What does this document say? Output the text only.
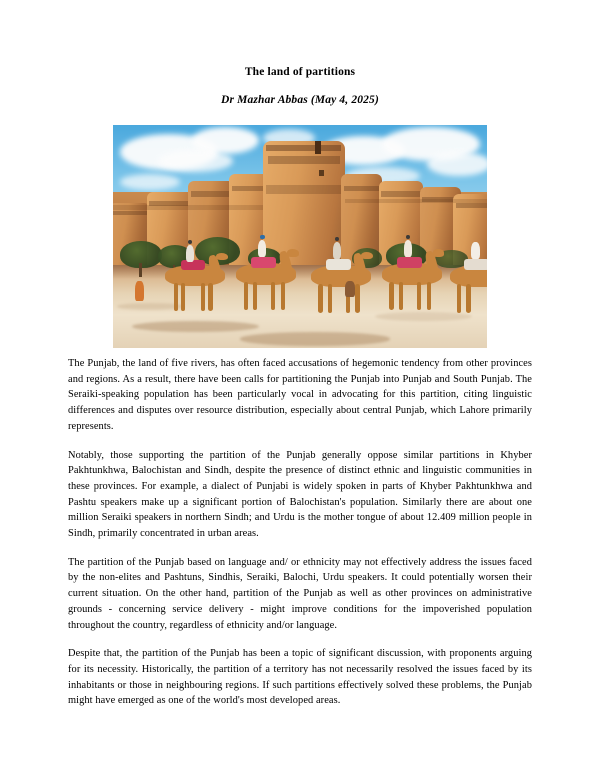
The land of partitions
Dr Mazhar Abbas (May 4, 2025)

The Punjab, the land of five rivers, has often faced accusations of hegemonic tendency from other provinces and regions. As a result, there have been calls for partitioning the Punjab into Punjab and South Punjab. The Seraiki-speaking population has been particularly vocal in advocating for this partition, citing linguistic differences and disputes over resource distribution, especially about central Punjab, which Lahore primarily represents.

Notably, those supporting the partition of the Punjab generally oppose similar partitions in Khyber Pakhtunkhwa, Balochistan and Sindh, despite the presence of distinct ethnic and linguistic communities in these provinces. For example, a dialect of Punjabi is widely spoken in parts of Khyber Pakhtunkhwa and Pashtu speakers make up a significant portion of Balochistan's population. Similarly there are about one million Seraiki speakers in northern Sindh; and Urdu is the mother tongue of about 12.409 million people in Sindh, primarily concentrated in urban areas.

The partition of the Punjab based on language and/ or ethnicity may not effectively address the issues faced by the non-elites and Pashtuns, Sindhis, Seraiki, Balochi, Urdu speakers. It could potentially worsen their current situation. On the other hand, partition of the Punjab as well as other provinces on administrative grounds - concerning service delivery - might improve conditions for the impoverished population throughout the country, regardless of ethnicity and/or language.

Despite that, the partition of the Punjab has been a topic of significant discussion, with proponents arguing for its necessity. Historically, the partition of a territory has not necessarily resolved the issues faced by its inhabitants or those in neighbouring regions. If such partitions effectively solved these problems, the Punjab might have emerged as one of the world's most developed areas.
